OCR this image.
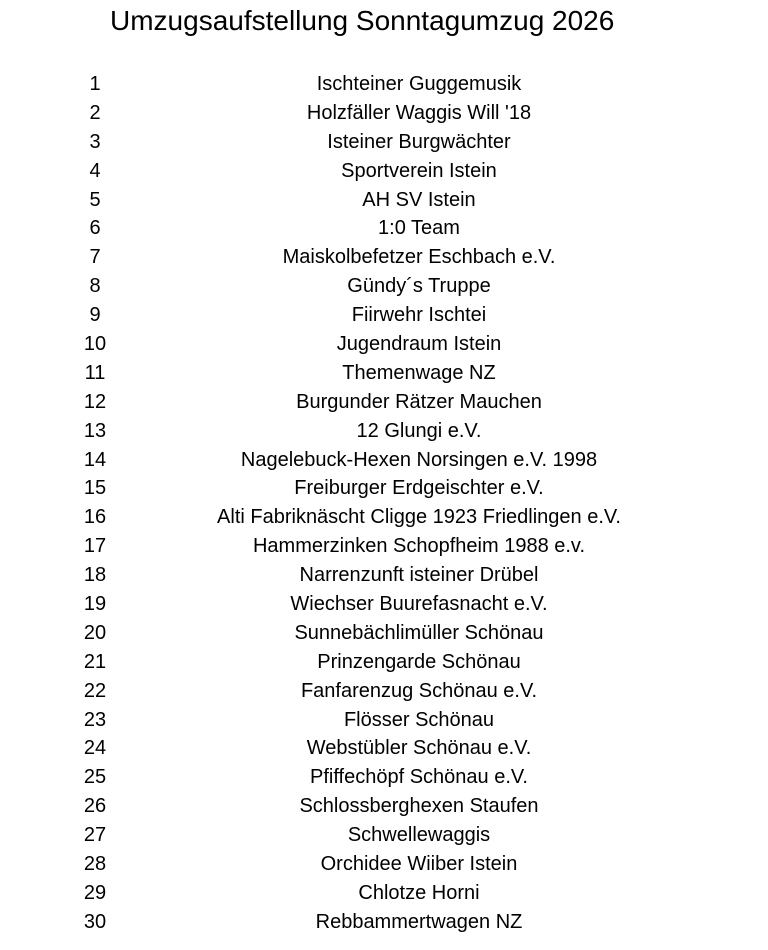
Umzugsaufstellung Sonntagumzug 2026
1	Ischteiner Guggemusik
2	Holzfäller Waggis Will '18
3	Isteiner Burgwächter
4	Sportverein Istein
5	AH SV Istein
6	1:0 Team
7	Maiskolbefetzer Eschbach e.V.
8	Gündy´s Truppe
9	Fiirwehr Ischtei
10	Jugendraum Istein
11	Themenwage NZ
12	Burgunder Rätzer Mauchen
13	12 Glungi e.V.
14	Nagelebuck-Hexen Norsingen e.V. 1998
15	Freiburger Erdgeischter e.V.
16	Alti Fabriknäscht Cligge 1923 Friedlingen e.V.
17	Hammerzinken Schopfheim 1988 e.v.
18	Narrenzunft isteiner Drübel
19	Wiechser Buurefasnacht e.V.
20	Sunnebächlimüller Schönau
21	Prinzengarde Schönau
22	Fanfarenzug Schönau e.V.
23	Flösser Schönau
24	Webstübler Schönau e.V.
25	Pfiffechöpf Schönau e.V.
26	Schlossberghexen Staufen
27	Schwellewaggis
28	Orchidee Wiiber Istein
29	Chlotze Horni
30	Rebbammertwagen NZ
